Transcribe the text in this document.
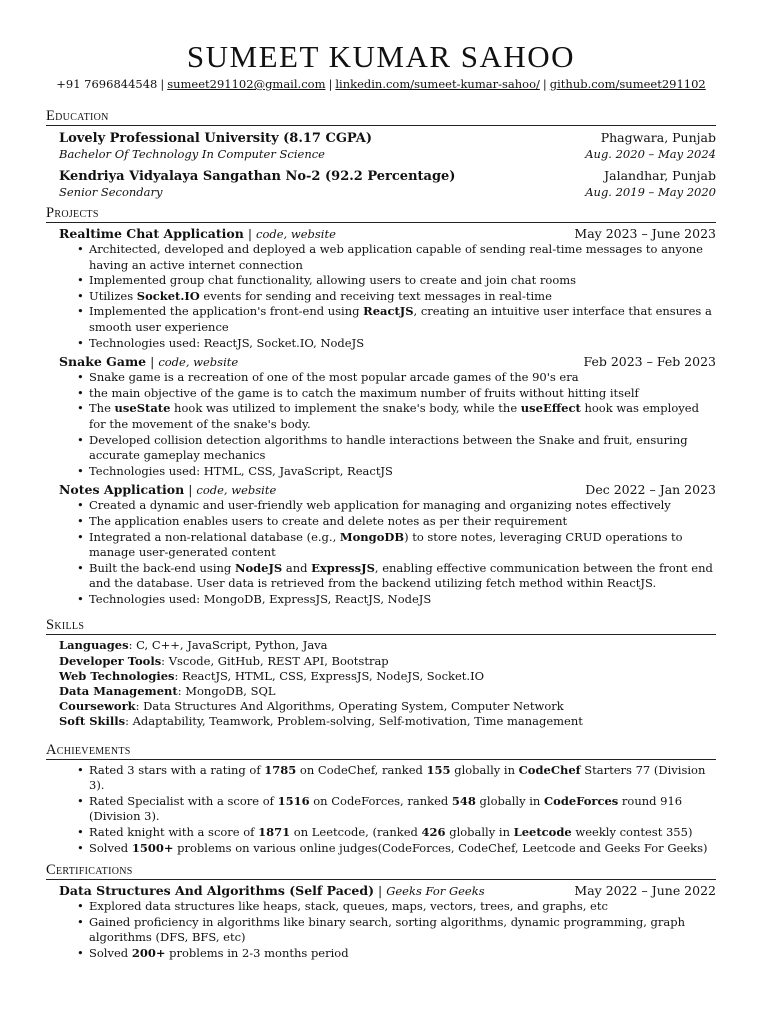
SUMEET KUMAR SAHOO
+91 7696844548 | sumeet291102@gmail.com | linkedin.com/sumeet-kumar-sahoo/ | github.com/sumeet291102
Education
Lovely Professional University (8.17 CGPA)	Phagwara, Punjab
Bachelor Of Technology In Computer Science	Aug. 2020 – May 2024
Kendriya Vidyalaya Sangathan No-2 (92.2 Percentage)	Jalandhar, Punjab
Senior Secondary	Aug. 2019 – May 2020
Projects
Realtime Chat Application | code, website	May 2023 – June 2023
• Architected, developed and deployed a web application capable of sending real-time messages to anyone having an active internet connection
• Implemented group chat functionality, allowing users to create and join chat rooms
• Utilizes Socket.IO events for sending and receiving text messages in real-time
• Implemented the application's front-end using ReactJS, creating an intuitive user interface that ensures a smooth user experience
• Technologies used: ReactJS, Socket.IO, NodeJS
Snake Game | code, website	Feb 2023 – Feb 2023
• Snake game is a recreation of one of the most popular arcade games of the 90's era
• the main objective of the game is to catch the maximum number of fruits without hitting itself
• The useState hook was utilized to implement the snake's body, while the useEffect hook was employed for the movement of the snake's body.
• Developed collision detection algorithms to handle interactions between the Snake and fruit, ensuring accurate gameplay mechanics
• Technologies used: HTML, CSS, JavaScript, ReactJS
Notes Application | code, website	Dec 2022 – Jan 2023
• Created a dynamic and user-friendly web application for managing and organizing notes effectively
• The application enables users to create and delete notes as per their requirement
• Integrated a non-relational database (e.g., MongoDB) to store notes, leveraging CRUD operations to manage user-generated content
• Built the back-end using NodeJS and ExpressJS, enabling effective communication between the front end and the database. User data is retrieved from the backend utilizing fetch method within ReactJS.
• Technologies used: MongoDB, ExpressJS, ReactJS, NodeJS
Skills
Languages: C, C++, JavaScript, Python, Java
Developer Tools: Vscode, GitHub, REST API, Bootstrap
Web Technologies: ReactJS, HTML, CSS, ExpressJS, NodeJS, Socket.IO
Data Management: MongoDB, SQL
Coursework: Data Structures And Algorithms, Operating System, Computer Network
Soft Skills: Adaptability, Teamwork, Problem-solving, Self-motivation, Time management
Achievements
• Rated 3 stars with a rating of 1785 on CodeChef, ranked 155 globally in CodeChef Starters 77 (Division 3).
• Rated Specialist with a score of 1516 on CodeForces, ranked 548 globally in CodeForces round 916 (Division 3).
• Rated knight with a score of 1871 on Leetcode, (ranked 426 globally in Leetcode weekly contest 355)
• Solved 1500+ problems on various online judges(CodeForces, CodeChef, Leetcode and Geeks For Geeks)
Certifications
Data Structures And Algorithms (Self Paced) | Geeks For Geeks	May 2022 – June 2022
• Explored data structures like heaps, stack, queues, maps, vectors, trees, and graphs, etc
• Gained proficiency in algorithms like binary search, sorting algorithms, dynamic programming, graph algorithms (DFS, BFS, etc)
• Solved 200+ problems in 2-3 months period
